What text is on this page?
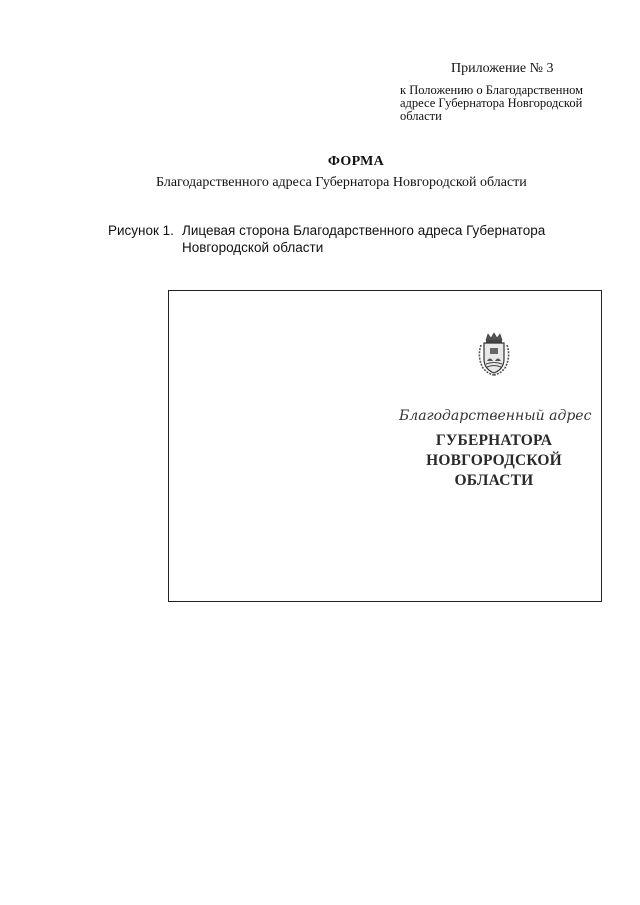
Приложение № 3
к Положению о Благодарственном
адресе Губернатора Новгородской
области
ФОРМА
Благодарственного адреса Губернатора Новгородской области
Рисунок 1. Лицевая сторона Благодарственного адреса Губернатора
Новгородской области
Благодарственный адрес
ГУБЕРНАТОРА
НОВГОРОДСКОЙ
ОБЛАСТИ
